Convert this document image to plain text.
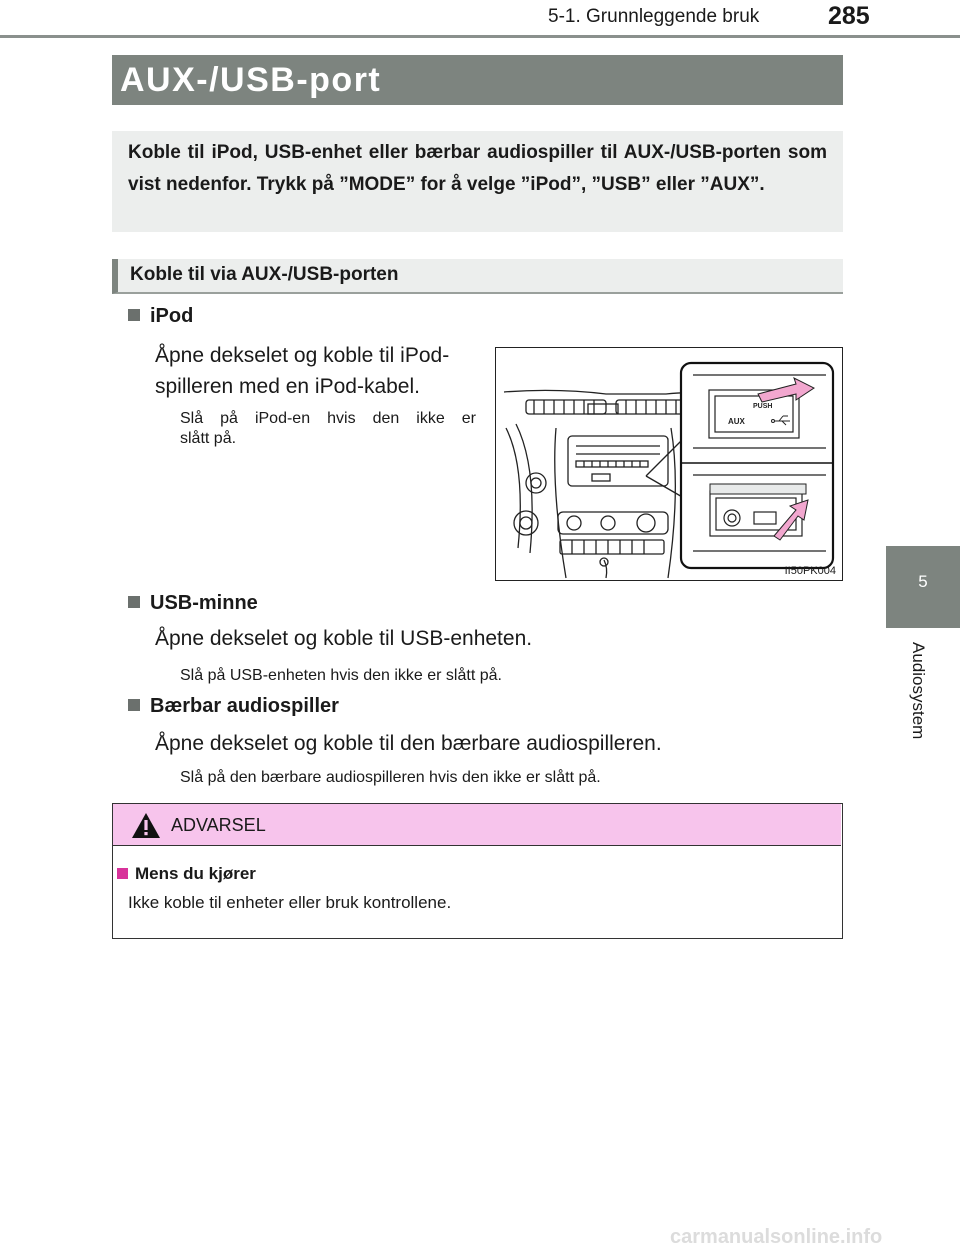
5-1. Grunnleggende bruk	285
5
Audiosystem
AUX-/USB-port

Koble til iPod, USB-enhet eller bærbar audiospiller til AUX-/USB-porten som vist nedenfor. Trykk på ”MODE” for å velge ”iPod”, ”USB” eller ”AUX”.

Koble til via AUX-/USB-porten
iPod
Åpne dekselet og koble til iPod-
spilleren med en iPod-kabel.
Slå på iPod-en hvis den ikke er
slått på.
PUSH
AUX
II50PK004
USB-minne
Åpne dekselet og koble til USB-enheten.
Slå på USB-enheten hvis den ikke er slått på.
Bærbar audiospiller
Åpne dekselet og koble til den bærbare audiospilleren.
Slå på den bærbare audiospilleren hvis den ikke er slått på.
ADVARSEL
Mens du kjører
Ikke koble til enheter eller bruk kontrollene.
carmanualsonline.info
